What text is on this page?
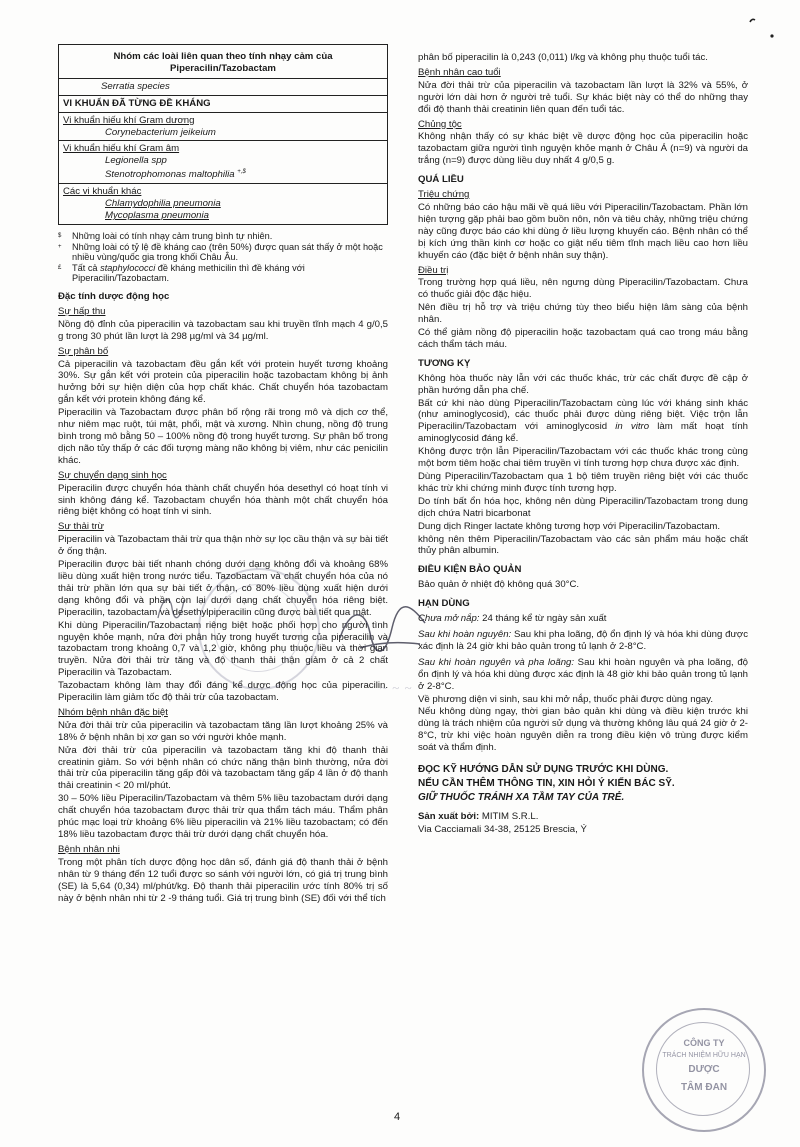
Nhóm các loài liên quan theo tính nhạy cảm của Piperacilin/Tazobactam
Serratia species
VI KHUẨN ĐÃ TỪNG ĐỀ KHÁNG
Vi khuẩn hiếu khí Gram dương
Corynebacterium jeikeium
Vi khuẩn hiếu khí Gram âm
Legionella spp
Stenotrophomonas maltophilia +,$
Các vi khuẩn khác
Chlamydophilia pneumonia
Mycoplasma pneumonia
$	Những loài có tính nhạy cảm trung bình tự nhiên.
+	Những loài có tỷ lệ đề kháng cao (trên 50%) được quan sát thấy ở một hoặc nhiều vùng/quốc gia trong khối Châu Âu.
£	Tất cả staphylococci đề kháng methicilin thì đề kháng với Piperacilin/Tazobactam.

Đặc tính dược động học

Sự hấp thu

Nồng độ đỉnh của piperacilin và tazobactam sau khi truyền tĩnh mạch 4 g/0,5 g trong 30 phút lần lượt là 298 µg/ml và 34 µg/ml.

Sự phân bố

Cả piperacilin và tazobactam đều gắn kết với protein huyết tương khoảng 30%. Sự gắn kết với protein của piperacilin hoặc tazobactam không bị ảnh hưởng bởi sự hiện diện của hợp chất khác. Chất chuyển hóa tazobactam gắn kết với protein không đáng kể.

Piperacilin và Tazobactam được phân bố rộng rãi trong mô và dịch cơ thể, như niêm mạc ruột, túi mật, phổi, mật và xương. Nhìn chung, nồng độ trung bình trong mô bằng 50 – 100% nồng độ trong huyết tương. Sự phân bố trong dịch não tủy thấp ở các đối tượng màng não không bị viêm, như các penicilin khác.

Sự chuyển dạng sinh học

Piperacilin được chuyển hóa thành chất chuyển hóa desethyl có hoạt tính vi sinh không đáng kể. Tazobactam chuyển hóa thành một chất chuyển hóa riêng biệt không có hoạt tính vi sinh.

Sự thải trừ

Piperacilin và Tazobactam thải trừ qua thận nhờ sự lọc cầu thận và sự bài tiết ở ống thận.

Piperacilin được bài tiết nhanh chóng dưới dạng không đổi và khoảng 68% liều dùng xuất hiện trong nước tiểu. Tazobactam và chất chuyển hóa của nó thải trừ phần lớn qua sự bài tiết ở thận, có 80% liều dùng xuất hiện dưới dạng không đổi và phần còn lại dưới dạng chất chuyển hóa riêng biệt. Piperacilin, tazobactam và desethylpiperacilin cũng được bài tiết qua mật.

Khi dùng Piperacilin/Tazobactam riêng biệt hoặc phối hợp cho người tình nguyện khỏe mạnh, nửa đời phân hủy trong huyết tương của piperacilin và tazobactam trong khoảng 0,7 và 1,2 giờ, không phụ thuộc liều và thời gian truyền. Nửa đời thải trừ tăng và độ thanh thải thận giảm ở cả 2 chất Piperacilin và Tazobactam.

Tazobactam không làm thay đổi đáng kể dược động học của piperacilin. Piperacilin làm giảm tốc độ thải trừ của tazobactam.

Nhóm bệnh nhân đặc biệt

Nửa đời thải trừ của piperacilin và tazobactam tăng lần lượt khoảng 25% và 18% ở bệnh nhân bị xơ gan so với người khỏe mạnh.

Nửa đời thải trừ của piperacilin và tazobactam tăng khi độ thanh thải creatinin giảm. So với bệnh nhân có chức năng thận bình thường, nửa đời thải trừ của piperacilin tăng gấp đôi và tazobactam tăng gấp 4 lần ở độ thanh thải creatinin < 20 ml/phút.

30 – 50% liều Piperacilin/Tazobactam và thêm 5% liều tazobactam dưới dạng chất chuyển hóa tazobactam được thải trừ qua thẩm tách máu. Thẩm phân phúc mạc loại trừ khoảng 6% liều piperacilin và 21% liều tazobactam; có đến 18% liều tazobactam được thải trừ dưới dạng chất chuyển hóa.

Bệnh nhân nhi

Trong một phân tích dược động học dân số, đánh giá độ thanh thải ở bệnh nhân từ 9 tháng đến 12 tuổi được so sánh với người lớn, có giá trị trung bình (SE) là 5,64 (0,34) ml/phút/kg. Độ thanh thải piperacilin ước tính 80% trị số này ở bệnh nhân nhi từ 2 -9 tháng tuổi. Giá trị trung bình (SE) đối với thể tích

phân bố piperacilin là 0,243 (0,011) l/kg và không phụ thuộc tuổi tác.

Bệnh nhân cao tuổi

Nửa đời thải trừ của piperacilin và tazobactam lần lượt là 32% và 55%, ở người lớn dài hơn ở người trẻ tuổi. Sự khác biệt này có thể do những thay đổi độ thanh thải creatinin liên quan đến tuổi tác.

Chủng tộc

Không nhận thấy có sự khác biệt về dược động học của piperacilin hoặc tazobactam giữa người tình nguyện khỏe mạnh ở Châu Á (n=9) và người da trắng (n=9) được dùng liều duy nhất 4 g/0,5 g.

QUÁ LIỀU

Triệu chứng

Có những báo cáo hậu mãi về quá liều với Piperacilin/Tazobactam. Phần lớn hiện tượng gặp phải bao gồm buồn nôn, nôn và tiêu chảy, những triệu chứng này cũng được báo cáo khi dùng ở liều lượng khuyến cáo. Bệnh nhân có thể bị kích ứng thần kinh cơ hoặc co giật nếu tiêm tĩnh mạch liều cao hơn liều khuyến cáo (đặc biệt ở bệnh nhân suy thận).

Điều trị

Trong trường hợp quá liều, nên ngưng dùng Piperacilin/Tazobactam. Chưa có thuốc giải độc đặc hiệu.

Nên điều trị hỗ trợ và triệu chứng tùy theo biểu hiện lâm sàng của bệnh nhân.

Có thể giảm nồng độ piperacilin hoặc tazobactam quá cao trong máu bằng cách thẩm tách máu.

TƯƠNG KỴ

Không hòa thuốc này lẫn với các thuốc khác, trừ các chất được đề cập ở phần hướng dẫn pha chế.

Bất cứ khi nào dùng Piperacilin/Tazobactam cùng lúc với kháng sinh khác (như aminoglycosid), các thuốc phải được dùng riêng biệt. Việc trộn lẫn Piperacilin/Tazobactam với aminoglycosid in vitro làm mất hoạt tính aminoglycosid đáng kể.

Không được trộn lẫn Piperacilin/Tazobactam với các thuốc khác trong cùng một bơm tiêm hoặc chai tiêm truyền vì tính tương hợp chưa được xác định.

Dùng Piperacilin/Tazobactam qua 1 bộ tiêm truyền riêng biệt với các thuốc khác trừ khi chứng minh được tính tương hợp.

Do tính bất ổn hóa học, không nên dùng Piperacilin/Tazobactam trong dung dịch chứa Natri bicarbonat

Dung dịch Ringer lactate không tương hợp với Piperacilin/Tazobactam.

không nên thêm Piperacilin/Tazobactam vào các sản phẩm máu hoặc chất thủy phân albumin.

ĐIỀU KIỆN BẢO QUẢN

Bảo quản ở nhiệt độ không quá 30°C.

HẠN DÙNG

Chưa mở nắp: 24 tháng kể từ ngày sản xuất

Sau khi hoàn nguyên: Sau khi pha loãng, độ ổn định lý và hóa khi dùng được xác định là 24 giờ khi bảo quản trong tủ lạnh ở 2-8°C.

Sau khi hoàn nguyên và pha loãng: Sau khi hoàn nguyên và pha loãng, độ ổn định lý và hóa khi dùng được xác định là 48 giờ khi bảo quản trong tủ lạnh ở 2-8°C.

Về phương diện vi sinh, sau khi mở nắp, thuốc phải được dùng ngay.

Nếu không dùng ngay, thời gian bảo quản khi dùng và điều kiện trước khi dùng là trách nhiệm của người sử dụng và thường không lâu quá 24 giờ ở 2-8°C, trừ khi việc hoàn nguyên diễn ra trong điều kiện vô trùng được kiểm soát và thẩm định.

ĐỌC KỸ HƯỚNG DẪN SỬ DỤNG TRƯỚC KHI DÙNG.

NẾU CẦN THÊM THÔNG TIN, XIN HỎI Ý KIẾN BÁC SỸ.

GIỮ THUỐC TRÁNH XA TẦM TAY CỦA TRẺ.

Sản xuất bởi: MITIM S.R.L.

Via Cacciamali 34-38, 25125 Brescia, Ý

~ ~ ~
CÔNG TY
TRÁCH NHIỆM HỮU HẠN
DƯỢC
TÂM ĐAN
4
